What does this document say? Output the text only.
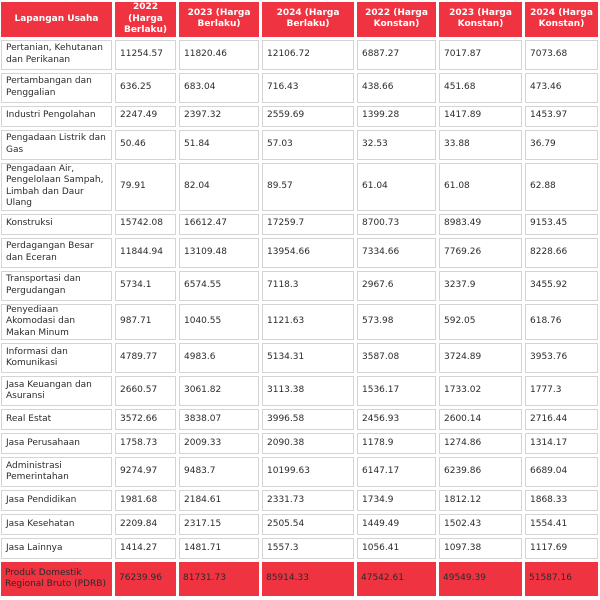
Lapangan Usaha	2022 (Harga Berlaku)	2023 (Harga Berlaku)	2024 (Harga Berlaku)	2022 (Harga Konstan)	2023 (Harga Konstan)	2024 (Harga Konstan)
Pertanian, Kehutanan dan Perikanan	11254.57	11820.46	12106.72	6887.27	7017.87	7073.68
Pertambangan dan Penggalian	636.25	683.04	716.43	438.66	451.68	473.46
Industri Pengolahan	2247.49	2397.32	2559.69	1399.28	1417.89	1453.97
Pengadaan Listrik dan Gas	50.46	51.84	57.03	32.53	33.88	36.79
Pengadaan Air, Pengelolaan Sampah, Limbah dan Daur Ulang	79.91	82.04	89.57	61.04	61.08	62.88
Konstruksi	15742.08	16612.47	17259.7	8700.73	8983.49	9153.45
Perdagangan Besar dan Eceran	11844.94	13109.48	13954.66	7334.66	7769.26	8228.66
Transportasi dan Pergudangan	5734.1	6574.55	7118.3	2967.6	3237.9	3455.92
Penyediaan Akomodasi dan Makan Minum	987.71	1040.55	1121.63	573.98	592.05	618.76
Informasi dan Komunikasi	4789.77	4983.6	5134.31	3587.08	3724.89	3953.76
Jasa Keuangan dan Asuransi	2660.57	3061.82	3113.38	1536.17	1733.02	1777.3
Real Estat	3572.66	3838.07	3996.58	2456.93	2600.14	2716.44
Jasa Perusahaan	1758.73	2009.33	2090.38	1178.9	1274.86	1314.17
Administrasi Pemerintahan	9274.97	9483.7	10199.63	6147.17	6239.86	6689.04
Jasa Pendidikan	1981.68	2184.61	2331.73	1734.9	1812.12	1868.33
Jasa Kesehatan	2209.84	2317.15	2505.54	1449.49	1502.43	1554.41
Jasa Lainnya	1414.27	1481.71	1557.3	1056.41	1097.38	1117.69
Produk Domestik Regional Bruto (PDRB)	76239.96	81731.73	85914.33	47542.61	49549.39	51587.16
